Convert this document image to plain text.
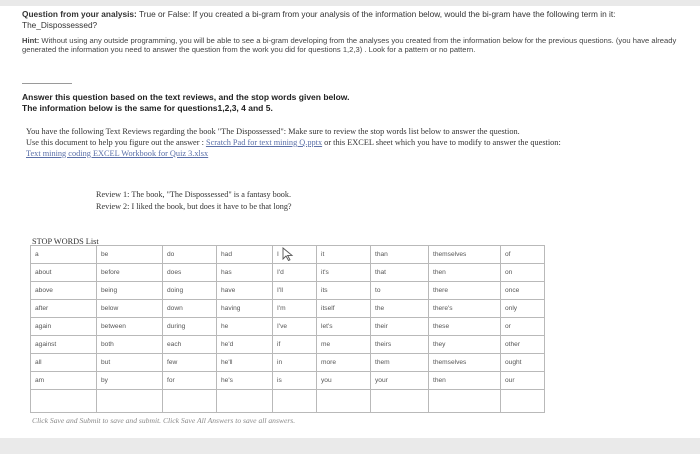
Question from your analysis: True or False: If you created a bi-gram from your analysis of the information below, would the bi-gram have the following term in it:
The_Dispossessed?
Hint: Without using any outside programming, you will be able to see a bi-gram developing from the analyses you created from the information below for the previous questions. (you have already generated the information you need to answer the question from the work you did for questions 1,2,3) . Look for a pattern or no pattern.
Answer this question based on the text reviews, and the stop words given below.
The information below is the same for questions1,2,3, 4 and 5.
You have the following Text Reviews regarding the book "The Dispossessed": Make sure to review the stop words list below to answer the question.
Use this document to help you figure out the answer : Scratch Pad for text mining Q.pptx or this EXCEL sheet which you have to modify to answer the question:
Text mining coding EXCEL Workbook for Quiz 3.xlsx
Review 1: The book, "The Dispossessed" is a fantasy book.
Review 2: I liked the book, but does it have to be that long?
STOP WORDS List
a	be	do	had	I	it	than	themselves	of
about	before	does	has	I'd	it's	that	then	on
above	being	doing	have	I'll	its	to	there	once
after	below	down	having	I'm	itself	the	there's	only
again	between	during	he	I've	let's	their	these	or
against	both	each	he'd	if	me	theirs	they	other
all	but	few	he'll	in	more	them	themselves	ought
am	by	for	he's	is	you	your	then	our

Click Save and Submit to save and submit. Click Save All Answers to save all answers.
